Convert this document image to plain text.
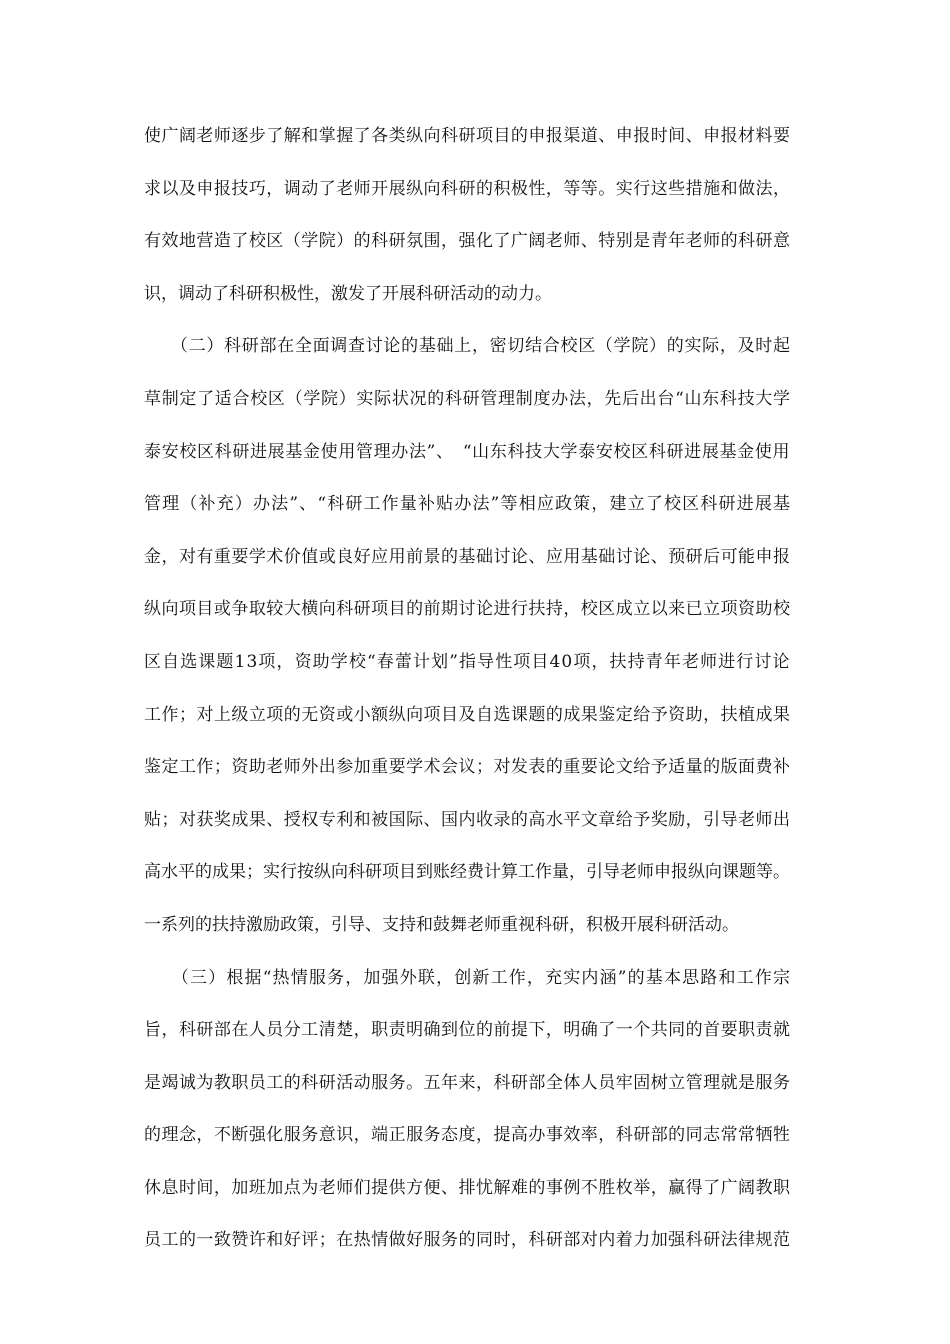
使广阔老师逐步了解和掌握了各类纵向科研项目的申报渠道、申报时间、申报材料要
求以及申报技巧，调动了老师开展纵向科研的积极性，等等。实行这些措施和做法，
有效地营造了校区（学院）的科研氛围，强化了广阔老师、特别是青年老师的科研意
识，调动了科研积极性，激发了开展科研活动的动力。
　　（二）科研部在全面调查讨论的基础上，密切结合校区（学院）的实际，及时起
草制定了适合校区（学院）实际状况的科研管理制度办法，先后出台“山东科技大学
泰安校区科研进展基金使用管理办法”、　“山东科技大学泰安校区科研进展基金使用
管理（补充）办法”、“科研工作量补贴办法”等相应政策，建立了校区科研进展基
金，对有重要学术价值或良好应用前景的基础讨论、应用基础讨论、预研后可能申报
纵向项目或争取较大横向科研项目的前期讨论进行扶持，校区成立以来已立项资助校
区自选课题13项，资助学校“春蕾计划”指导性项目40项，扶持青年老师进行讨论
工作；对上级立项的无资或小额纵向项目及自选课题的成果鉴定给予资助，扶植成果
鉴定工作；资助老师外出参加重要学术会议；对发表的重要论文给予适量的版面费补
贴；对获奖成果、授权专利和被国际、国内收录的高水平文章给予奖励，引导老师出
高水平的成果；实行按纵向科研项目到账经费计算工作量，引导老师申报纵向课题等。
一系列的扶持激励政策，引导、支持和鼓舞老师重视科研，积极开展科研活动。
　　（三）根据“热情服务，加强外联，创新工作，充实内涵”的基本思路和工作宗
旨，科研部在人员分工清楚，职责明确到位的前提下，明确了一个共同的首要职责就
是竭诚为教职员工的科研活动服务。五年来，科研部全体人员牢固树立管理就是服务
的理念，不断强化服务意识，端正服务态度，提高办事效率，科研部的同志常常牺牲
休息时间，加班加点为老师们提供方便、排忧解难的事例不胜枚举，赢得了广阔教职
员工的一致赞许和好评；在热情做好服务的同时，科研部对内着力加强科研法律规范
